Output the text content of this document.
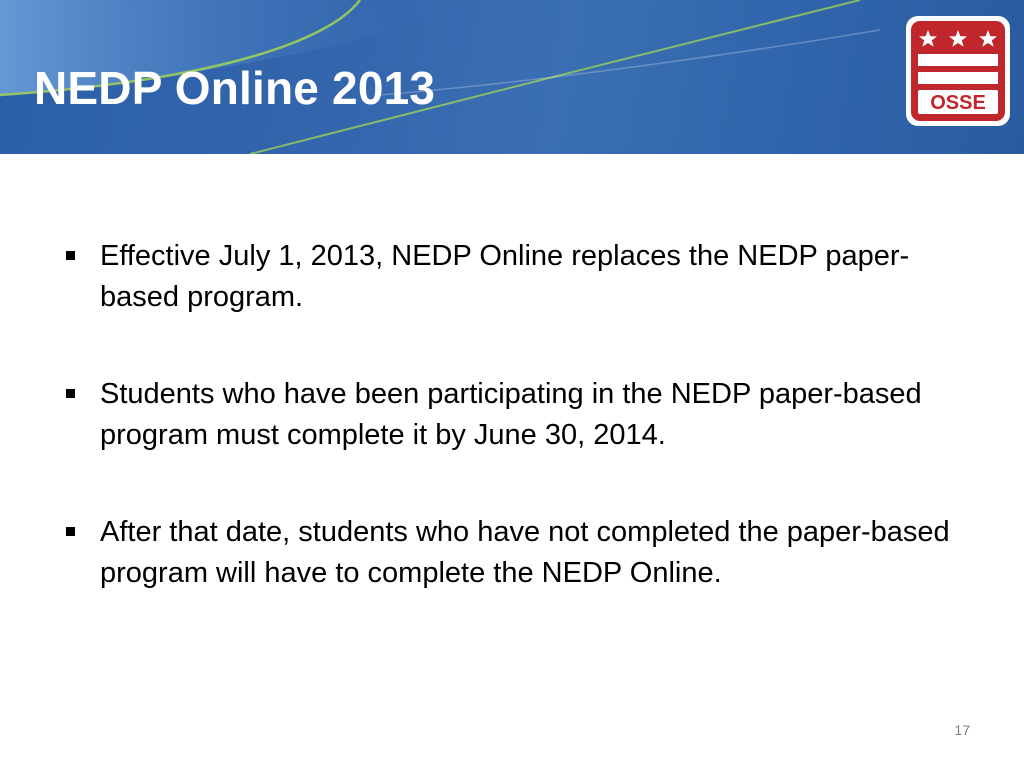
NEDP Online 2013	OSSE
Effective July 1, 2013, NEDP Online replaces the NEDP paper-based program.
Students who have been participating in the NEDP paper-based program must complete it by June 30, 2014.
After that date, students who have not completed the paper-based program will have to complete the NEDP Online.
17
